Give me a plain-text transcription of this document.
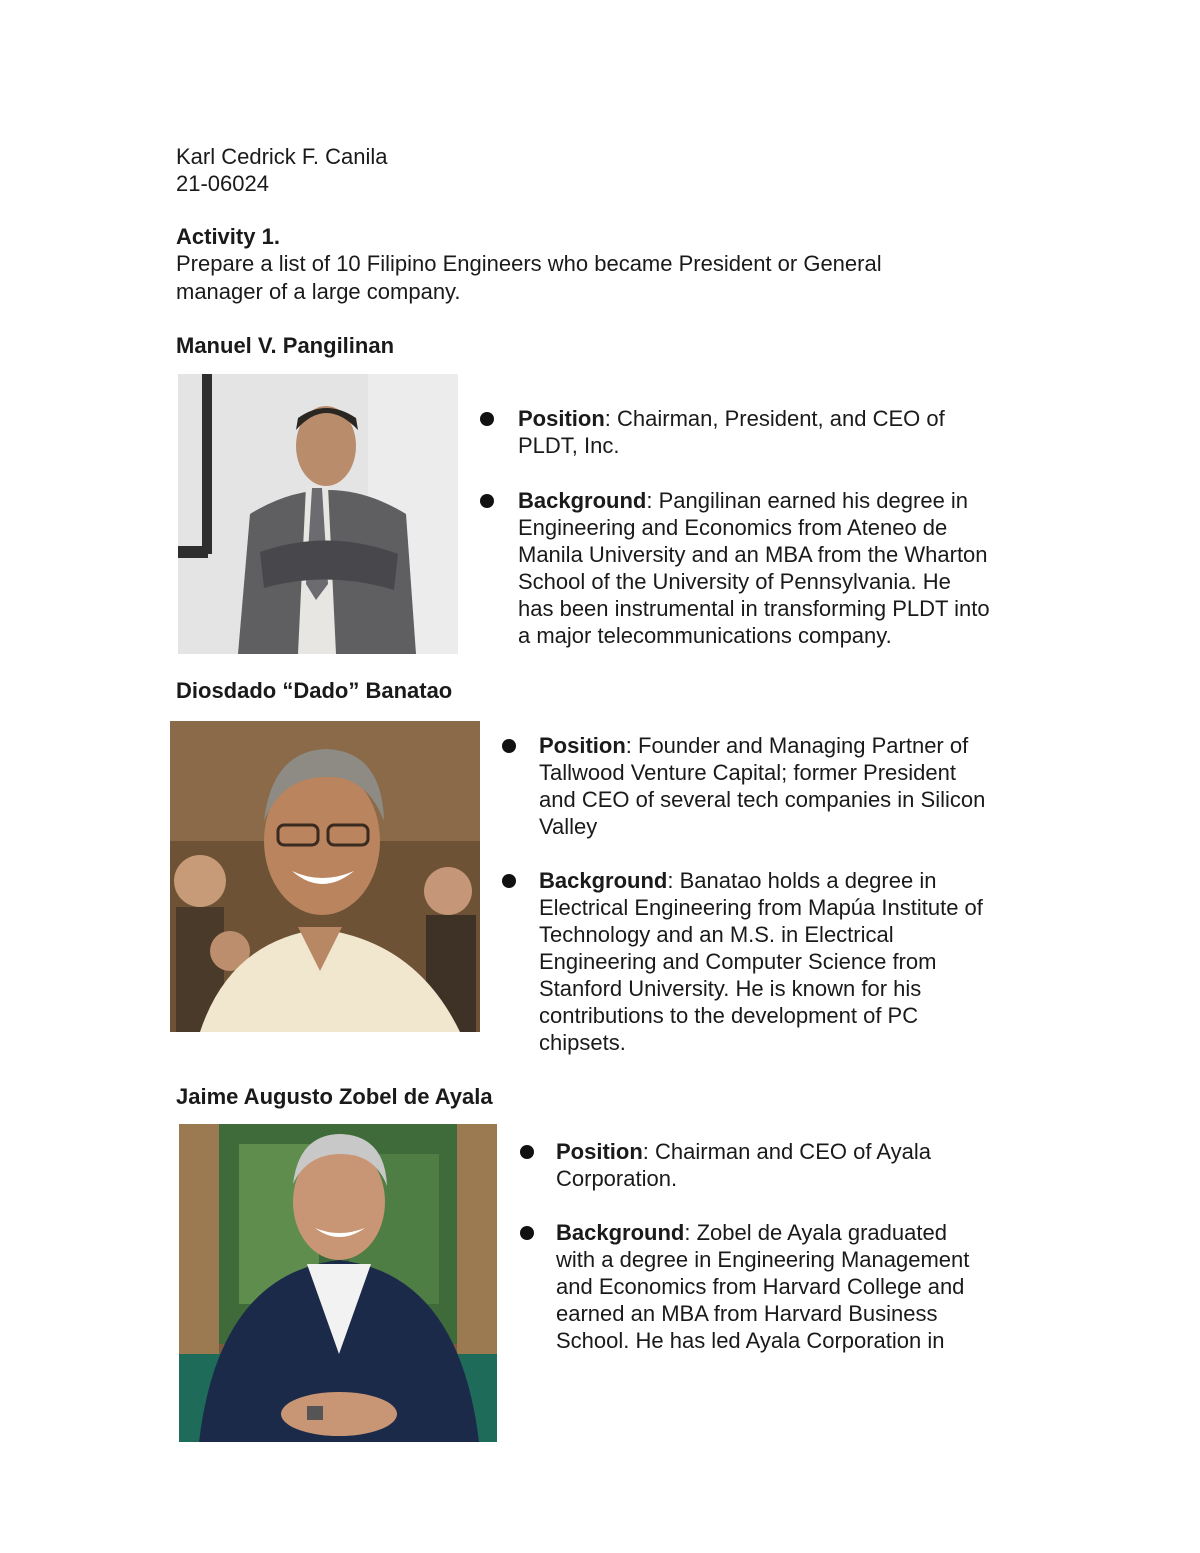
Karl Cedrick F. Canila
21-06024
Activity 1.
Prepare a list of 10 Filipino Engineers who became President or General
manager of a large company.
Manuel V. Pangilinan
Position: Chairman, President, and CEO of
PLDT, Inc.
Background: Pangilinan earned his degree in
Engineering and Economics from Ateneo de
Manila University and an MBA from the Wharton
School of the University of Pennsylvania. He
has been instrumental in transforming PLDT into
a major telecommunications company.
Diosdado “Dado” Banatao
Position: Founder and Managing Partner of
Tallwood Venture Capital; former President
and CEO of several tech companies in Silicon
Valley
Background: Banatao holds a degree in
Electrical Engineering from Mapúa Institute of
Technology and an M.S. in Electrical
Engineering and Computer Science from
Stanford University. He is known for his
contributions to the development of PC
chipsets.
Jaime Augusto Zobel de Ayala
Position: Chairman and CEO of Ayala
Corporation.
Background: Zobel de Ayala graduated
with a degree in Engineering Management
and Economics from Harvard College and
earned an MBA from Harvard Business
School. He has led Ayala Corporation in
